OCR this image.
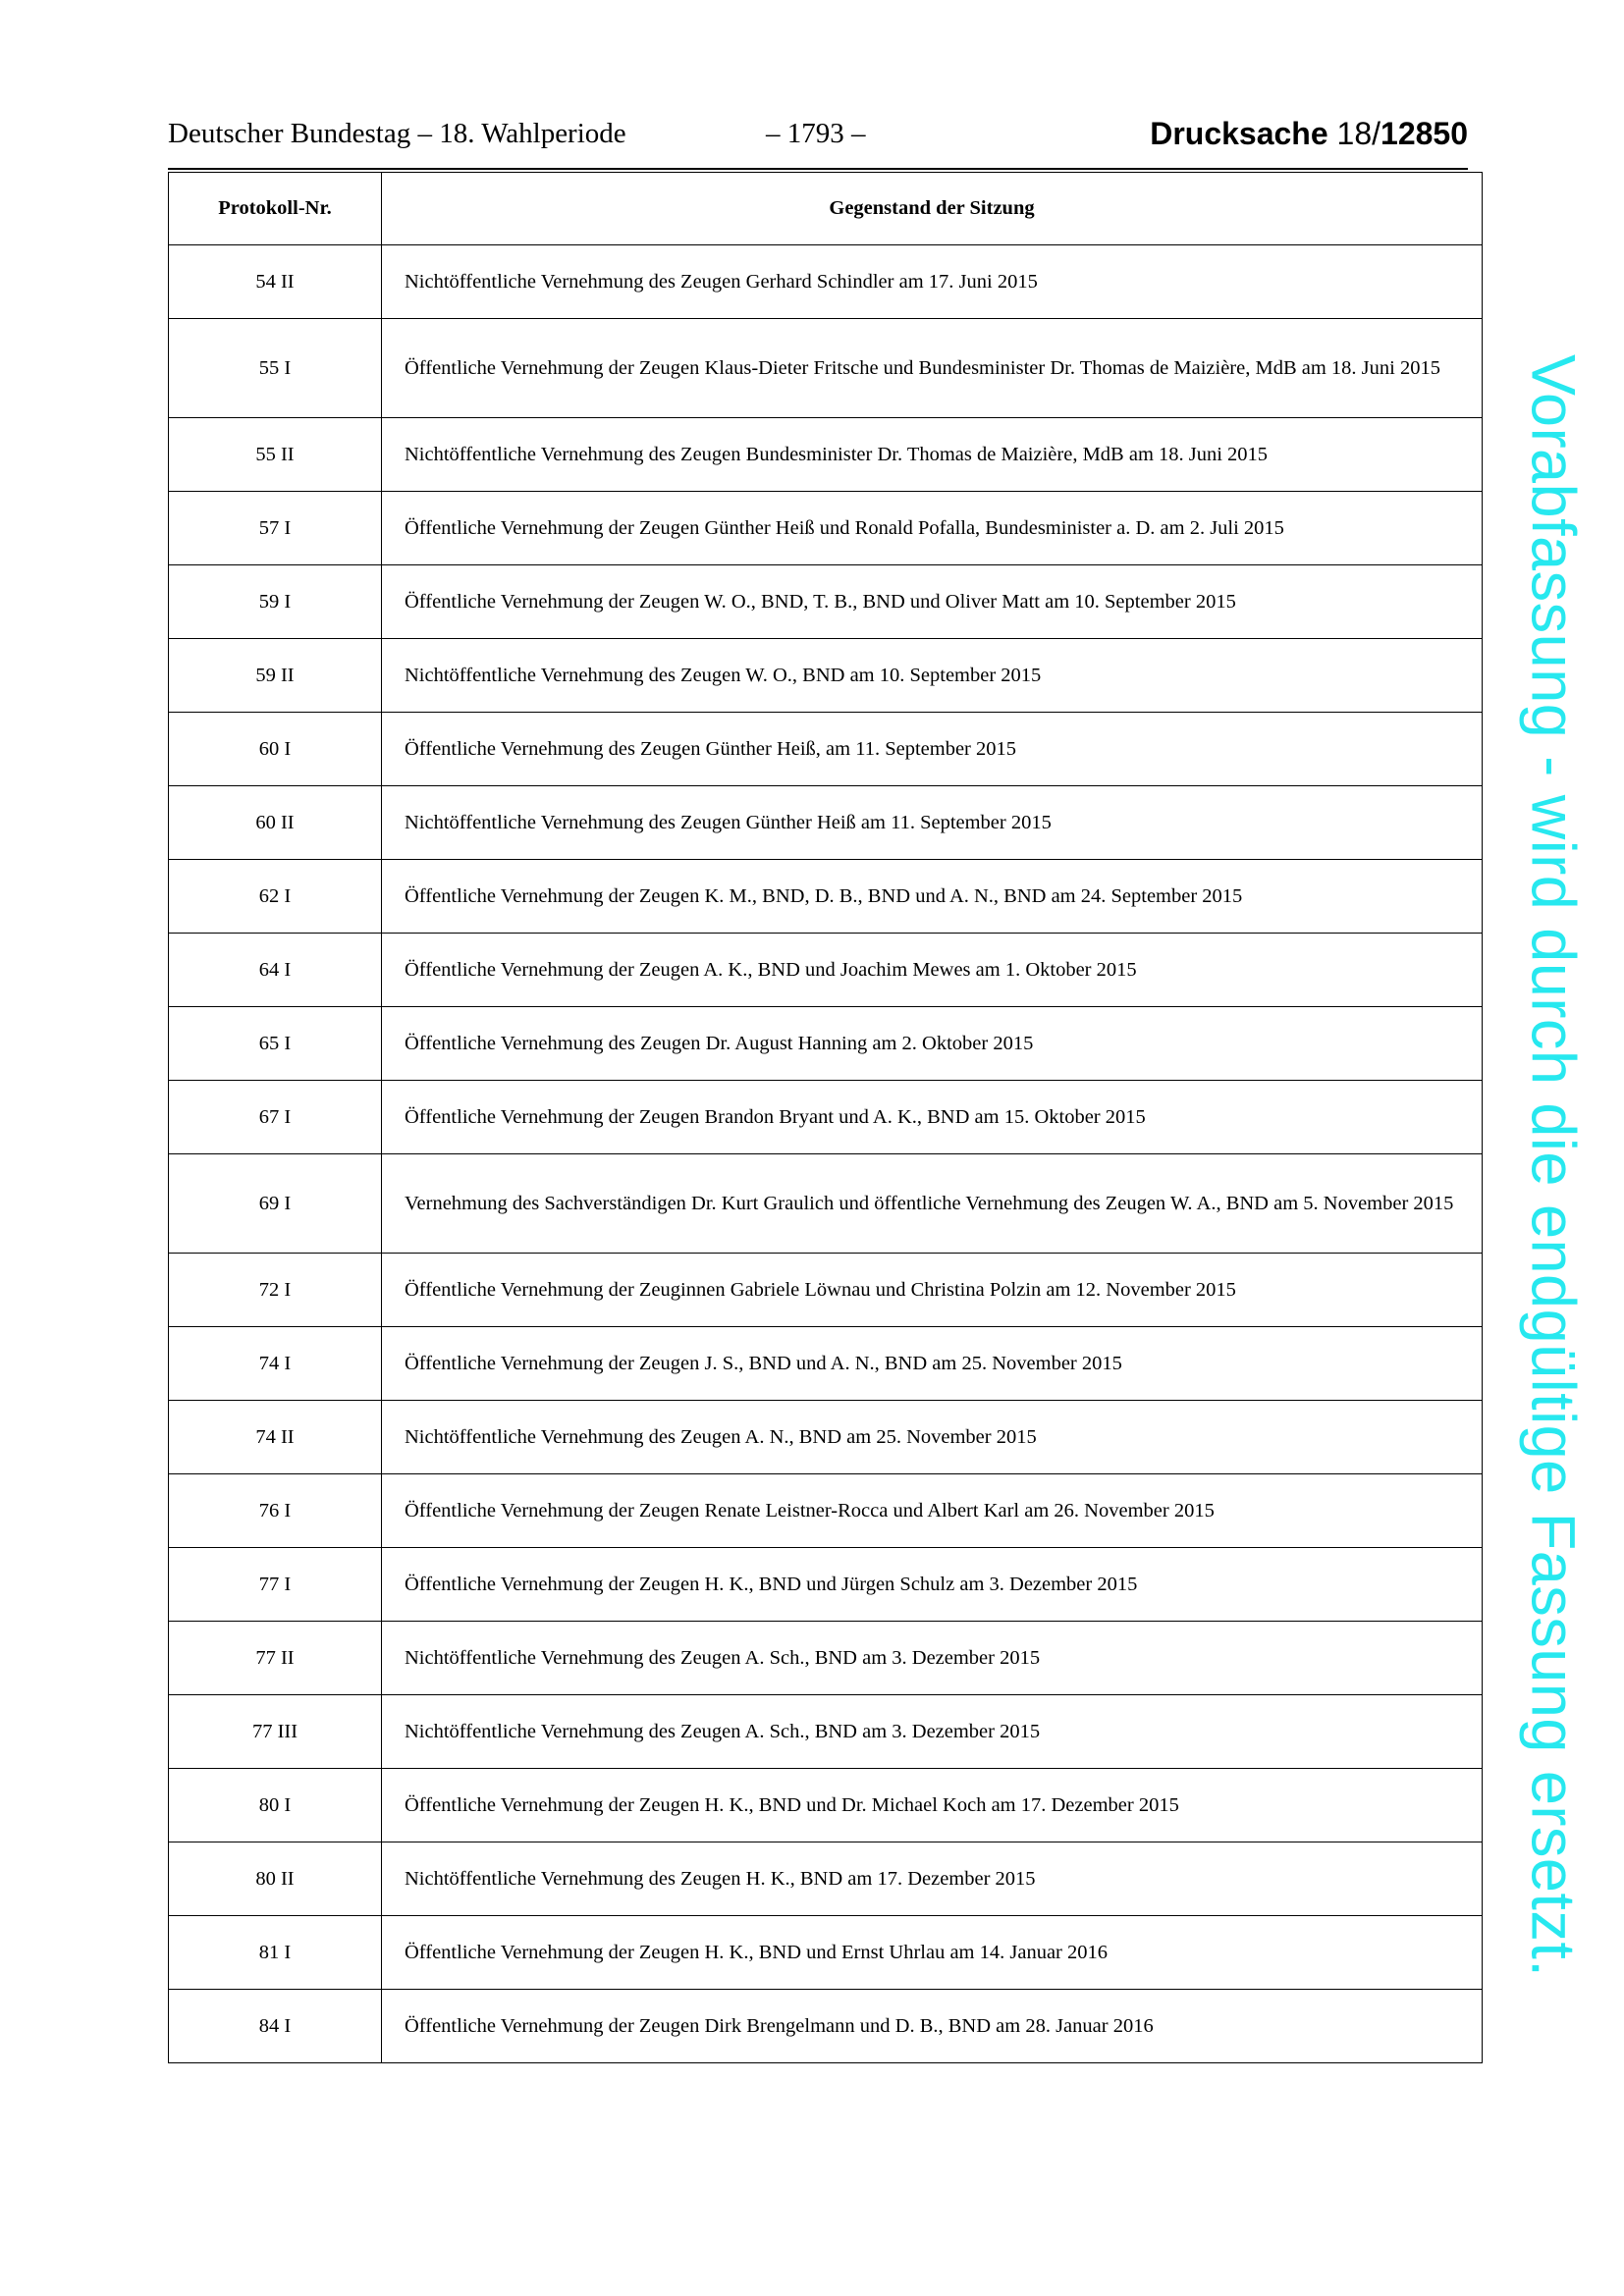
Deutscher Bundestag – 18. Wahlperiode	– 1793 –	Drucksache 18/12850
Protokoll-Nr.	Gegenstand der Sitzung
54 II	Nichtöffentliche Vernehmung des Zeugen Gerhard Schindler am 17. Juni 2015
55 I	Öffentliche Vernehmung der Zeugen Klaus-Dieter Fritsche und Bundesminister Dr. Thomas de Maizière, MdB am 18. Juni 2015
55 II	Nichtöffentliche Vernehmung des Zeugen Bundesminister Dr. Thomas de Maizière, MdB am 18. Juni 2015
57 I	Öffentliche Vernehmung der Zeugen Günther Heiß und Ronald Pofalla, Bundesminister a. D. am 2. Juli 2015
59 I	Öffentliche Vernehmung der Zeugen W. O., BND, T. B., BND und Oliver Matt am 10. September 2015
59 II	Nichtöffentliche Vernehmung des Zeugen W. O., BND am 10. September 2015
60 I	Öffentliche Vernehmung des Zeugen Günther Heiß, am 11. September 2015
60 II	Nichtöffentliche Vernehmung des Zeugen Günther Heiß am 11. September 2015
62 I	Öffentliche Vernehmung der Zeugen K. M., BND, D. B., BND und A. N., BND am 24. September 2015
64 I	Öffentliche Vernehmung der Zeugen A. K., BND und Joachim Mewes am 1. Oktober 2015
65 I	Öffentliche Vernehmung des Zeugen Dr. August Hanning am 2. Oktober 2015
67 I	Öffentliche Vernehmung der Zeugen Brandon Bryant und A. K., BND am 15. Oktober 2015
69 I	Vernehmung des Sachverständigen Dr. Kurt Graulich und öffentliche Vernehmung des Zeugen W. A., BND am 5. November 2015
72 I	Öffentliche Vernehmung der Zeuginnen Gabriele Löwnau und Christina Polzin am 12. November 2015
74 I	Öffentliche Vernehmung der Zeugen J. S., BND und A. N., BND am 25. November 2015
74 II	Nichtöffentliche Vernehmung des Zeugen A. N., BND am 25. November 2015
76 I	Öffentliche Vernehmung der Zeugen Renate Leistner-Rocca und Albert Karl am 26. November 2015
77 I	Öffentliche Vernehmung der Zeugen H. K., BND und Jürgen Schulz am 3. Dezember 2015
77 II	Nichtöffentliche Vernehmung des Zeugen A. Sch., BND am 3. Dezember 2015
77 III	Nichtöffentliche Vernehmung des Zeugen A. Sch., BND am 3. Dezember 2015
80 I	Öffentliche Vernehmung der Zeugen H. K., BND und Dr. Michael Koch am 17. Dezember 2015
80 II	Nichtöffentliche Vernehmung des Zeugen H. K., BND am 17. Dezember 2015
81 I	Öffentliche Vernehmung der Zeugen H. K., BND und Ernst Uhrlau am 14. Januar 2016
84 I	Öffentliche Vernehmung der Zeugen Dirk Brengelmann und D. B., BND am 28. Januar 2016
Vorabfassung - wird durch die endgültige Fassung ersetzt.
